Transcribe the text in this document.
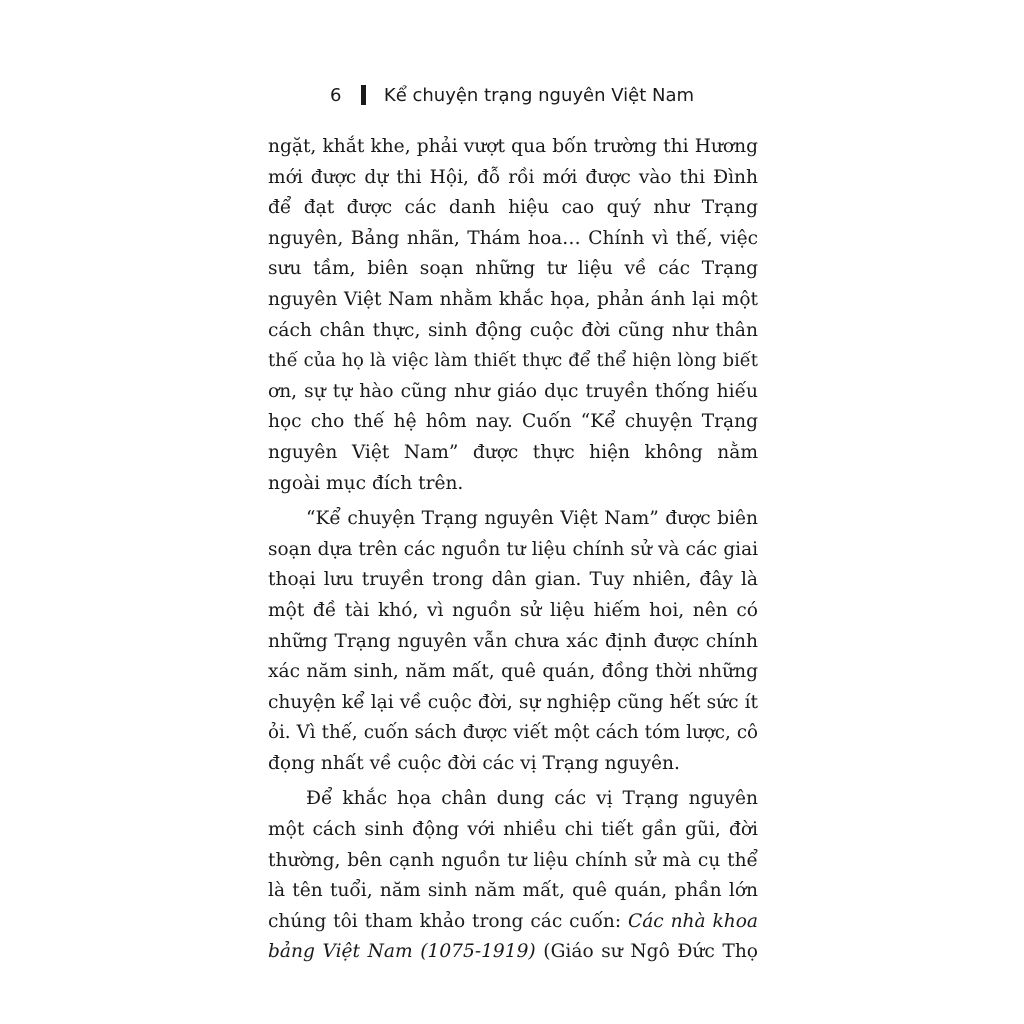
6 Kể chuyện trạng nguyên Việt Nam

ngặt, khắt khe, phải vượt qua bốn trường thi Hương
mới được dự thi Hội, đỗ rồi mới được vào thi Đình
để đạt được các danh hiệu cao quý như Trạng
nguyên, Bảng nhãn, Thám hoa… Chính vì thế, việc
sưu tầm, biên soạn những tư liệu về các Trạng
nguyên Việt Nam nhằm khắc họa, phản ánh lại một
cách chân thực, sinh động cuộc đời cũng như thân
thế của họ là việc làm thiết thực để thể hiện lòng biết
ơn, sự tự hào cũng như giáo dục truyền thống hiếu
học cho thế hệ hôm nay. Cuốn “Kể chuyện Trạng
nguyên Việt Nam” được thực hiện không nằm
ngoài mục đích trên.

“Kể chuyện Trạng nguyên Việt Nam” được biên
soạn dựa trên các nguồn tư liệu chính sử và các giai
thoại lưu truyền trong dân gian. Tuy nhiên, đây là
một đề tài khó, vì nguồn sử liệu hiếm hoi, nên có
những Trạng nguyên vẫn chưa xác định được chính
xác năm sinh, năm mất, quê quán, đồng thời những
chuyện kể lại về cuộc đời, sự nghiệp cũng hết sức ít
ỏi. Vì thế, cuốn sách được viết một cách tóm lược, cô
đọng nhất về cuộc đời các vị Trạng nguyên.

Để khắc họa chân dung các vị Trạng nguyên
một cách sinh động với nhiều chi tiết gần gũi, đời
thường, bên cạnh nguồn tư liệu chính sử mà cụ thể
là tên tuổi, năm sinh năm mất, quê quán, phần lớn
chúng tôi tham khảo trong các cuốn: Các nhà khoa
bảng Việt Nam (1075-1919) (Giáo sư Ngô Đức Thọ
